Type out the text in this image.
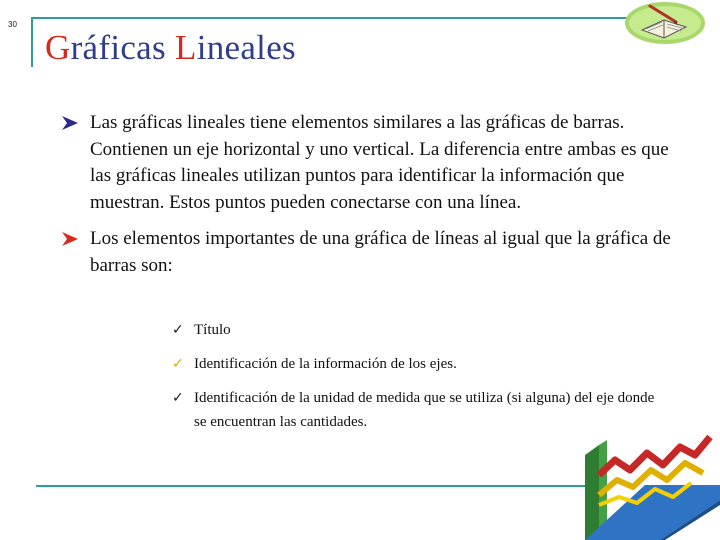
30
Gráficas Lineales
Las gráficas lineales tiene elementos similares a las gráficas de barras. Contienen un eje horizontal y uno vertical. La diferencia entre ambas es que las gráficas lineales utilizan puntos para identificar la información que muestran. Estos puntos pueden conectarse con una línea.
Los elementos importantes de una gráfica de líneas al igual que la gráfica de barras son:
✓ Título
✓ Identificación de la información de los ejes.
✓ Identificación de la unidad de medida que se utiliza (si alguna) del eje donde se encuentran las cantidades.
